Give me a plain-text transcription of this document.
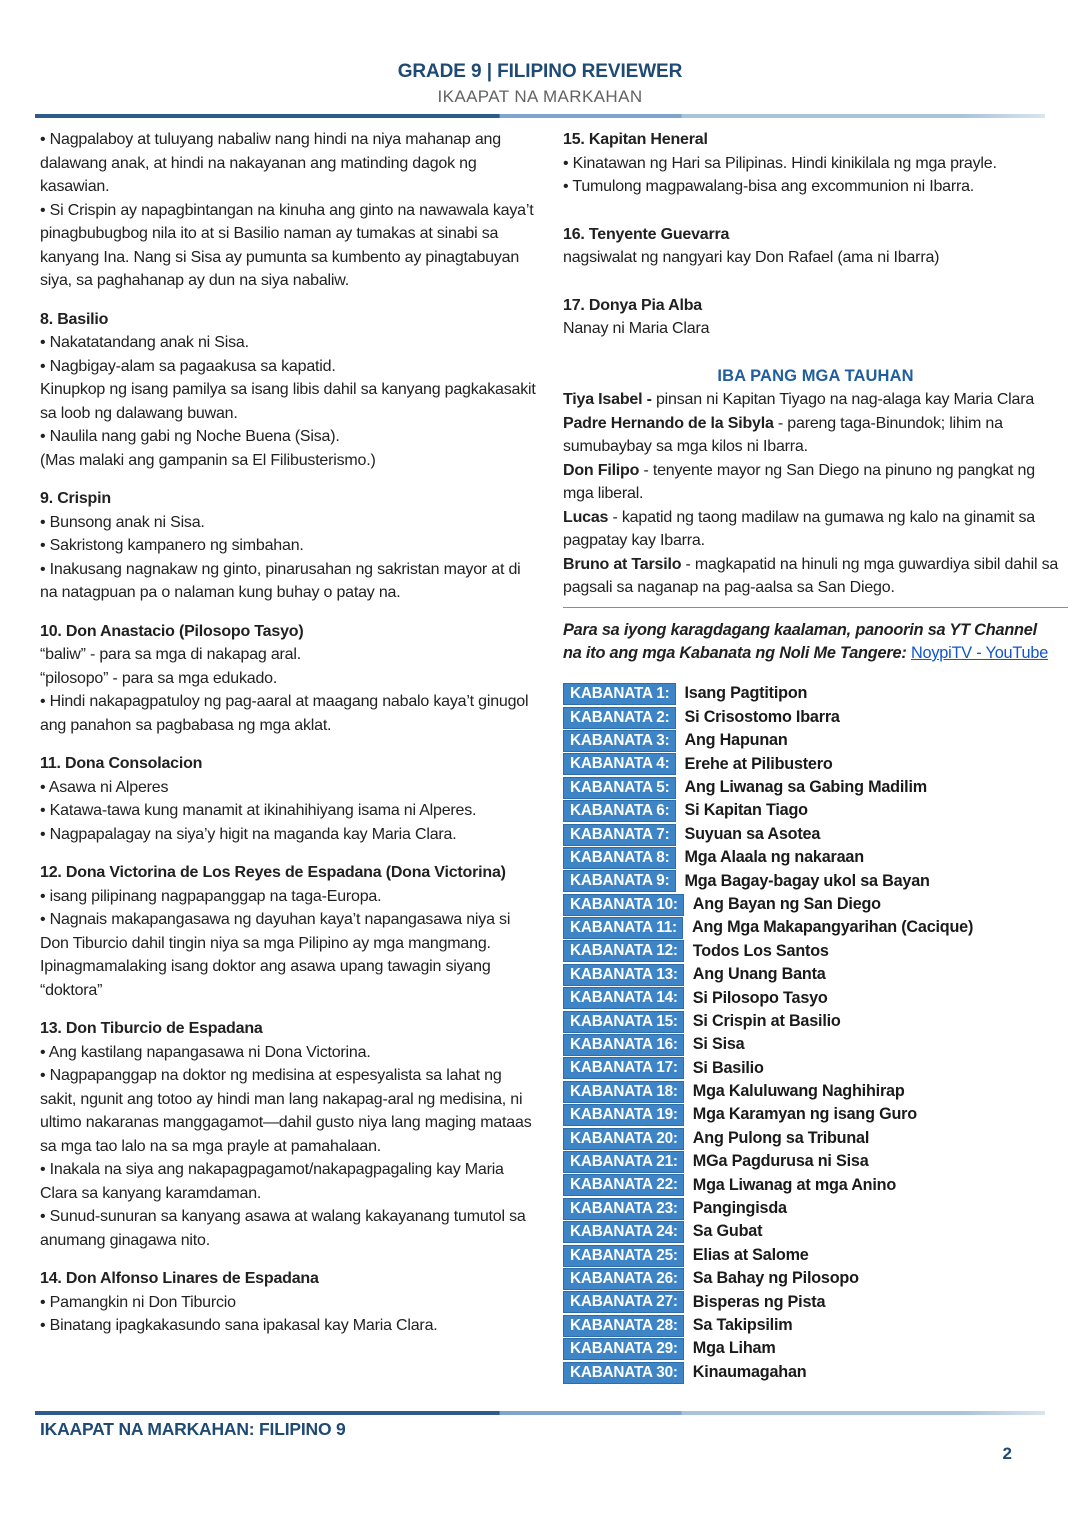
GRADE 9 | FILIPINO REVIEWER
IKAAPAT NA MARKAHAN
• Nagpalaboy at tuluyang nabaliw nang hindi na niya mahanap ang
dalawang anak, at hindi na nakayanan ang matinding dagok ng
kasawian.
• Si Crispin ay napagbintangan na kinuha ang ginto na nawawala kaya’t
pinagbubugbog nila ito at si Basilio naman ay tumakas at sinabi sa
kanyang Ina. Nang si Sisa ay pumunta sa kumbento ay pinagtabuyan
siya, sa paghahanap ay dun na siya nabaliw.
8. Basilio
• Nakatatandang anak ni Sisa.
• Nagbigay-alam sa pagaakusa sa kapatid.
Kinupkop ng isang pamilya sa isang libis dahil sa kanyang pagkakasakit
sa loob ng dalawang buwan.
• Naulila nang gabi ng Noche Buena (Sisa).
(Mas malaki ang gampanin sa El Filibusterismo.)
9. Crispin
• Bunsong anak ni Sisa.
• Sakristong kampanero ng simbahan.
• Inakusang nagnakaw ng ginto, pinarusahan ng sakristan mayor at di
na natagpuan pa o nalaman kung buhay o patay na.
10. Don Anastacio (Pilosopo Tasyo)
“baliw” - para sa mga di nakapag aral.
“pilosopo” - para sa mga edukado.
• Hindi nakapagpatuloy ng pag-aaral at maagang nabalo kaya’t ginugol
ang panahon sa pagbabasa ng mga aklat.
11. Dona Consolacion
• Asawa ni Alperes
• Katawa-tawa kung manamit at ikinahihiyang isama ni Alperes.
• Nagpapalagay na siya’y higit na maganda kay Maria Clara.
12. Dona Victorina de Los Reyes de Espadana (Dona Victorina)
• isang pilipinang nagpapanggap na taga-Europa.
• Nagnais makapangasawa ng dayuhan kaya’t napangasawa niya si
Don Tiburcio dahil tingin niya sa mga Pilipino ay mga mangmang.
Ipinagmamalaking isang doktor ang asawa upang tawagin siyang
“doktora”
13. Don Tiburcio de Espadana
• Ang kastilang napangasawa ni Dona Victorina.
• Nagpapanggap na doktor ng medisina at espesyalista sa lahat ng
sakit, ngunit ang totoo ay hindi man lang nakapag-aral ng medisina, ni
ultimo nakaranas manggagamot—dahil gusto niya lang maging mataas
sa mga tao lalo na sa mga prayle at pamahalaan.
• Inakala na siya ang nakapagpagamot/nakapagpagaling kay Maria
Clara sa kanyang karamdaman.
• Sunud-sunuran sa kanyang asawa at walang kakayanang tumutol sa
anumang ginagawa nito.
14. Don Alfonso Linares de Espadana
• Pamangkin ni Don Tiburcio
• Binatang ipagkakasundo sana ipakasal kay Maria Clara.
15. Kapitan Heneral
• Kinatawan ng Hari sa Pilipinas. Hindi kinikilala ng mga prayle.
• Tumulong magpawalang-bisa ang excommunion ni Ibarra.
16. Tenyente Guevarra
nagsiwalat ng nangyari kay Don Rafael (ama ni Ibarra)
17. Donya Pia Alba
Nanay ni Maria Clara
IBA PANG MGA TAUHAN
Tiya Isabel - pinsan ni Kapitan Tiyago na nag-alaga kay Maria Clara
Padre Hernando de la Sibyla - pareng taga-Binundok; lihim na sumubaybay sa mga kilos ni Ibarra.
Don Filipo - tenyente mayor ng San Diego na pinuno ng pangkat ng mga liberal.
Lucas - kapatid ng taong madilaw na gumawa ng kalo na ginamit sa pagpatay kay Ibarra.
Bruno at Tarsilo - magkapatid na hinuli ng mga guwardiya sibil dahil sa pagsali sa naganap na pag-aalsa sa San Diego.
Para sa iyong karagdagang kaalaman, panoorin sa YT Channel
na ito ang mga Kabanata ng Noli Me Tangere: NoypiTV - YouTube
KABANATA 1: Isang Pagtitipon
KABANATA 2: Si Crisostomo Ibarra
KABANATA 3: Ang Hapunan
KABANATA 4: Erehe at Pilibustero
KABANATA 5: Ang Liwanag sa Gabing Madilim
KABANATA 6: Si Kapitan Tiago
KABANATA 7: Suyuan sa Asotea
KABANATA 8: Mga Alaala ng nakaraan
KABANATA 9: Mga Bagay-bagay ukol sa Bayan
KABANATA 10: Ang Bayan ng San Diego
KABANATA 11: Ang Mga Makapangyarihan (Cacique)
KABANATA 12: Todos Los Santos
KABANATA 13: Ang Unang Banta
KABANATA 14: Si Pilosopo Tasyo
KABANATA 15: Si Crispin at Basilio
KABANATA 16: Si Sisa
KABANATA 17: Si Basilio
KABANATA 18: Mga Kaluluwang Naghihirap
KABANATA 19: Mga Karamyan ng isang Guro
KABANATA 20: Ang Pulong sa Tribunal
KABANATA 21: MGa Pagdurusa ni Sisa
KABANATA 22: Mga Liwanag at mga Anino
KABANATA 23: Pangingisda
KABANATA 24: Sa Gubat
KABANATA 25: Elias at Salome
KABANATA 26: Sa Bahay ng Pilosopo
KABANATA 27: Bisperas ng Pista
KABANATA 28: Sa Takipsilim
KABANATA 29: Mga Liham
KABANATA 30: Kinaumagahan
IKAAPAT NA MARKAHAN: FILIPINO 9
2
